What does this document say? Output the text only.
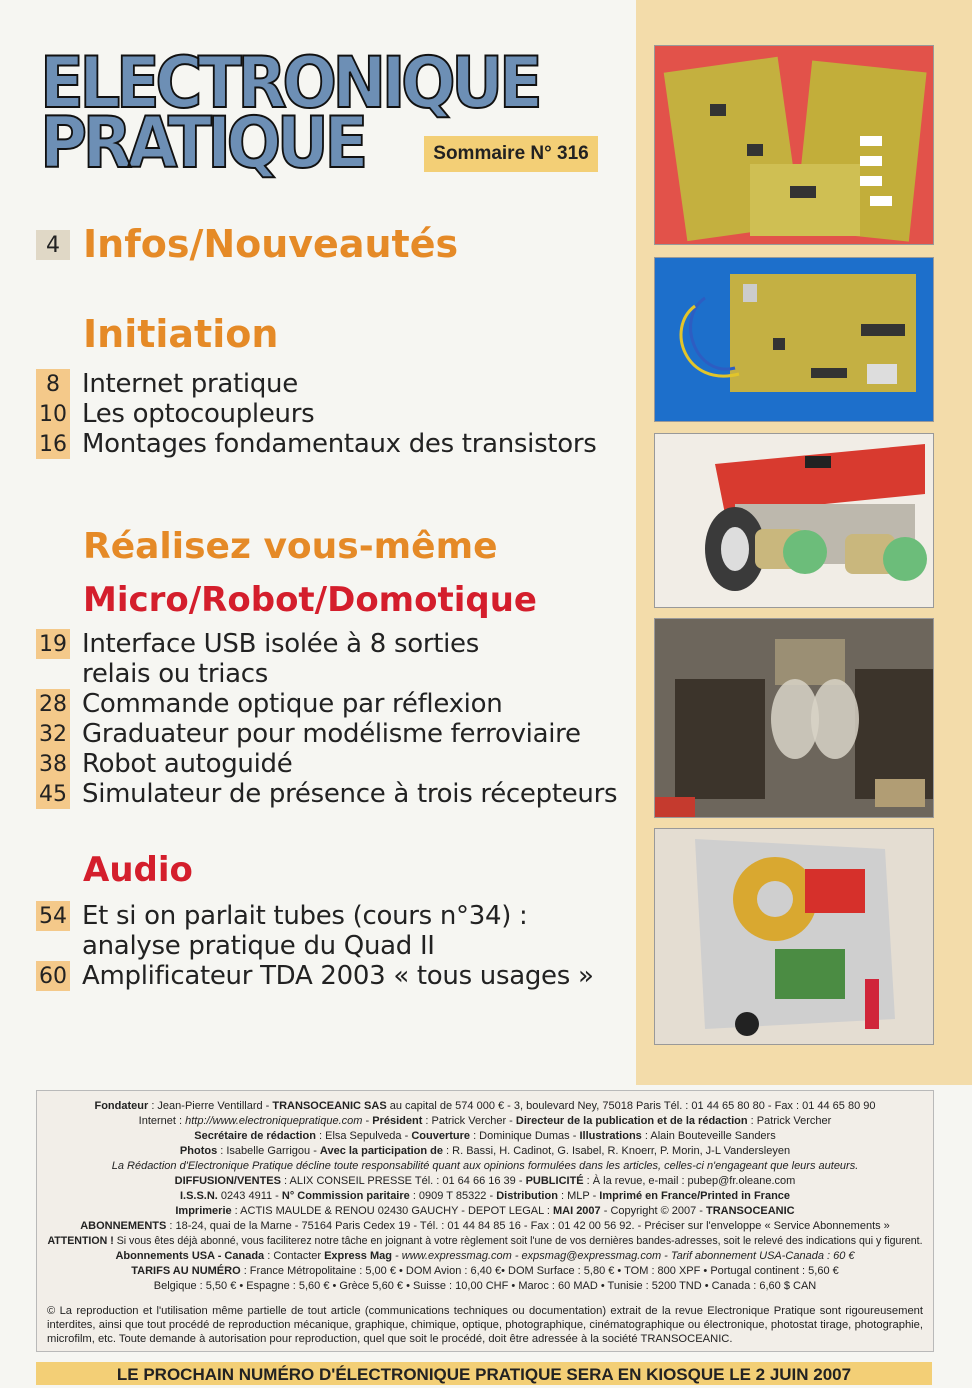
ELECTRONIQUE
PRATIQUE	Sommaire N° 316
4 Infos/Nouveautés
Initiation
8 Internet pratique
10 Les optocoupleurs
16 Montages fondamentaux des transistors
Réalisez vous-même
Micro/Robot/Domotique
19 Interface USB isolée à 8 sorties
relais ou triacs
28 Commande optique par réflexion
32 Graduateur pour modélisme ferroviaire
38 Robot autoguidé
45 Simulateur de présence à trois récepteurs
Audio
54 Et si on parlait tubes (cours n°34) :
analyse pratique du Quad II
60 Amplificateur TDA 2003 « tous usages »

Fondateur : Jean-Pierre Ventillard - TRANSOCEANIC SAS au capital de 574 000 € - 3, boulevard Ney, 75018 Paris Tél. : 01 44 65 80 80 - Fax : 01 44 65 80 90

Internet : http://www.electroniquepratique.com - Président : Patrick Vercher - Directeur de la publication et de la rédaction : Patrick Vercher

Secrétaire de rédaction : Elsa Sepulveda - Couverture : Dominique Dumas - Illustrations : Alain Bouteveille Sanders

Photos : Isabelle Garrigou - Avec la participation de : R. Bassi, H. Cadinot, G. Isabel, R. Knoerr, P. Morin, J-L Vandersleyen

La Rédaction d'Electronique Pratique décline toute responsabilité quant aux opinions formulées dans les articles, celles-ci n'engageant que leurs auteurs.

DIFFUSION/VENTES : ALIX CONSEIL PRESSE Tél. : 01 64 66 16 39 - PUBLICITÉ : À la revue, e-mail : pubep@fr.oleane.com

I.S.S.N. 0243 4911 - N° Commission paritaire : 0909 T 85322 - Distribution : MLP - Imprimé en France/Printed in France

Imprimerie : ACTIS MAULDE & RENOU 02430 GAUCHY - DEPOT LEGAL : MAI 2007 - Copyright © 2007 - TRANSOCEANIC

ABONNEMENTS : 18-24, quai de la Marne - 75164 Paris Cedex 19 - Tél. : 01 44 84 85 16 - Fax : 01 42 00 56 92. - Préciser sur l'enveloppe « Service Abonnements »

ATTENTION ! Si vous êtes déjà abonné, vous faciliterez notre tâche en joignant à votre règlement soit l'une de vos dernières bandes-adresses, soit le relevé des indications qui y figurent.

Abonnements USA - Canada : Contacter Express Mag - www.expressmag.com - expsmag@expressmag.com - Tarif abonnement USA-Canada : 60 €

TARIFS AU NUMÉRO : France Métropolitaine : 5,00 € • DOM Avion : 6,40 €• DOM Surface : 5,80 € • TOM : 800 XPF • Portugal continent : 5,60 €

Belgique : 5,50 € • Espagne : 5,60 € • Grèce 5,60 € • Suisse : 10,00 CHF • Maroc : 60 MAD • Tunisie : 5200 TND • Canada : 6,60 $ CAN

© La reproduction et l'utilisation même partielle de tout article (communications techniques ou documentation) extrait de la revue Electronique Pratique sont rigoureusement interdites, ainsi que tout procédé de reproduction mécanique, graphique, chimique, optique, photographique, cinématographique ou électronique, photostat tirage, photographie, microfilm, etc. Toute demande à autorisation pour reproduction, quel que soit le procédé, doit être adressée à la société TRANSOCEANIC.

LE PROCHAIN NUMÉRO D'ÉLECTRONIQUE PRATIQUE SERA EN KIOSQUE LE 2 JUIN 2007
